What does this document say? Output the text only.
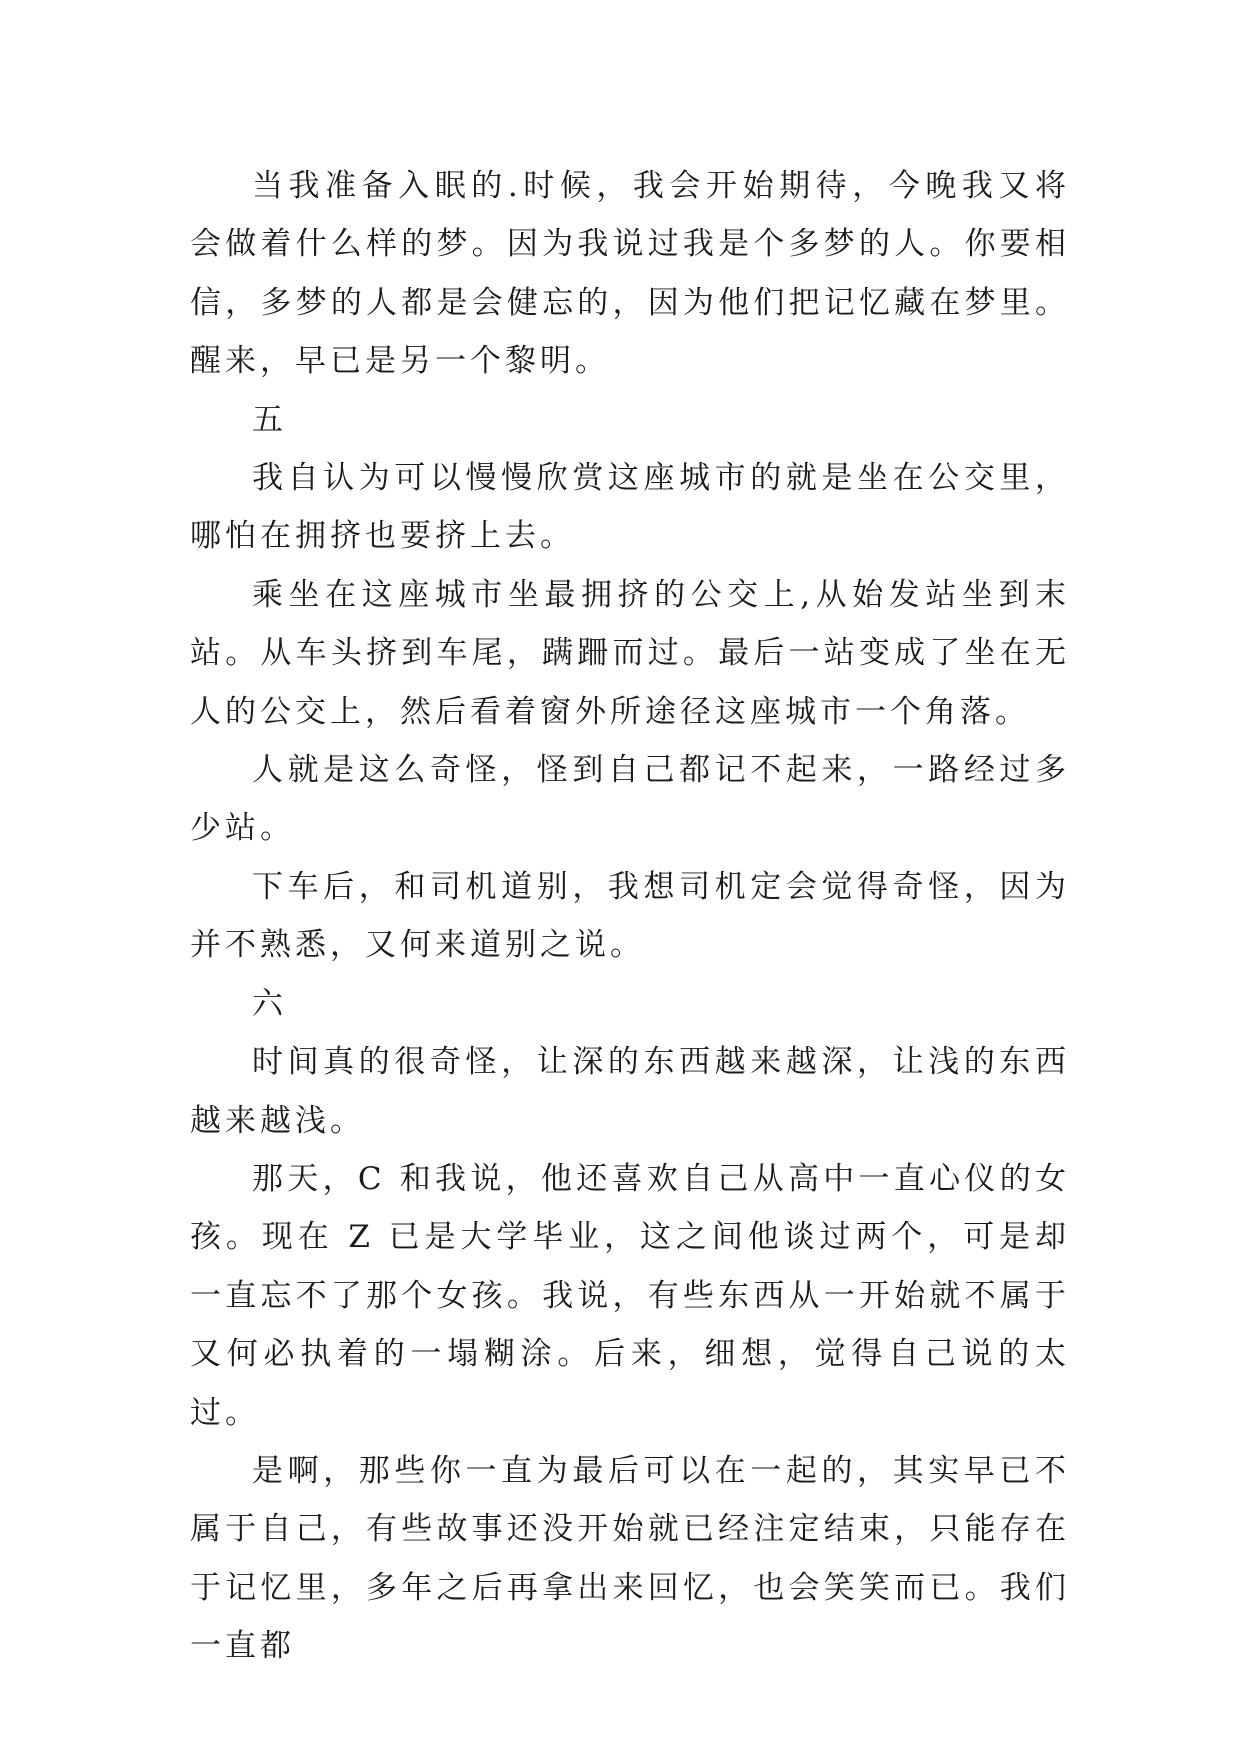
当我准备入眠的.时候，我会开始期待，今晚我又将会做着什么样的梦。因为我说过我是个多梦的人。你要相信，多梦的人都是会健忘的，因为他们把记忆藏在梦里。醒来，早已是另一个黎明。

五

我自认为可以慢慢欣赏这座城市的就是坐在公交里，哪怕在拥挤也要挤上去。

乘坐在这座城市坐最拥挤的公交上,从始发站坐到末站。从车头挤到车尾，蹒跚而过。最后一站变成了坐在无人的公交上，然后看着窗外所途径这座城市一个角落。

人就是这么奇怪，怪到自己都记不起来，一路经过多少站。

下车后，和司机道别，我想司机定会觉得奇怪，因为并不熟悉，又何来道别之说。

六

时间真的很奇怪，让深的东西越来越深，让浅的东西越来越浅。

那天，C 和我说，他还喜欢自己从高中一直心仪的女孩。现在 Z 已是大学毕业，这之间他谈过两个，可是却一直忘不了那个女孩。我说，有些东西从一开始就不属于又何必执着的一塌糊涂。后来，细想，觉得自己说的太过。

是啊，那些你一直为最后可以在一起的，其实早已不属于自己，有些故事还没开始就已经注定结束，只能存在于记忆里，多年之后再拿出来回忆，也会笑笑而已。我们一直都
